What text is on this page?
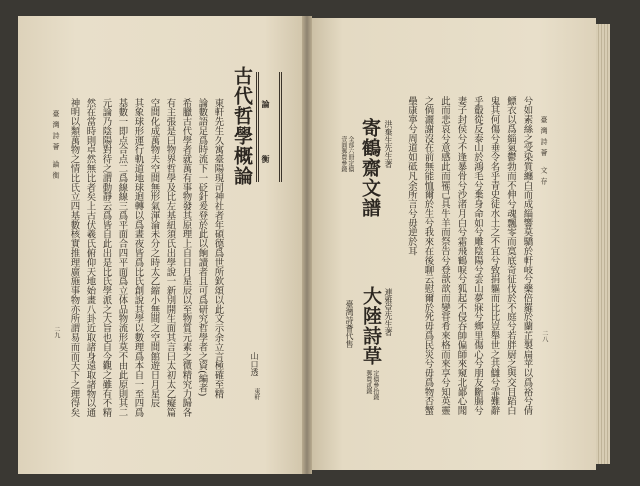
論 衡
古代哲學概論
山口透
東軒
東軒先生久寓臺陽現司神社者年碩德爲世所欽頌以此文示余立言極確至精
論數語足爲時流下一砭針爰登於此以餉讀者且可爲研究哲學者之資(編者)
希臘古代學者就萬有事物發其原理上自日月星辰以至物質元素之微精究力歸各
有主張是曰物界哲學及比左基紐須氏出學說一新別開生面其言曰太初太乙癡篇
空間化成萬物夫空間無形氣渾淪未分之時太乙縮小無間之空間館遊日月星辰
其象球形運行軌道地球迴轉以爲晝夜皆爲比氏創說其學以數理爲本自一至四爲
基數一即点合点二爲線線三爲平面合四平面爲立体品物流形莫不由此原則其二
元論乃陰陽對待之謂動靜云爲皆自此出是比氏學派之大旨也自今觀之雖有不精
然在當時則卓然無比者矣上古伏羲氏俯仰天地始畫八卦近取諸身遠取諸物以通
神明以類萬物之情比氏立四基數核實推理廣施事物亦所謂易而而天下之理得矣
臺灣詩薈 論衡
二九
臺灣詩薈 文存
二八
兮如素絲之受染質纏白而成緇響莫驕於軒岐兮藥倍羅於蘭芷製扁苹以爲裕兮倩
鰾衣以爲緇氣鬱勃而不伸兮魂飄零而寞底奇征伐於不庭兮若胖厨之與交目蹈白
鬼其何傷兮垂令名乎青史徒水土之不宜兮致捐軀而比比豈舉世之共讎兮霏難辭
乎鷇從反泰山於鴻毛兮棄身命如兮雕陰陽兮雲山夢寐兮鄉里傷心兮朋友斷腸兮
妻子封侯兮不逢暴骨兮沙渚月白兮霜飛鶴唳兮狐起不侵吞帥偏師來窺北鄙心聞
此而悲哀兮意感此而罹己具牛羊而祭告兮登歆歆而變甞肴來格而來享兮知英靈
之倘灑謝沒在前無能恤爾於生兮我來在後聊云慰爾於死毋爲民災兮毋爲物否蟹
壘康寧兮周道如砥凡余所言兮毋逆於耳
洪棄生先生著
寄鶴齋文譜
全部六冊定價
壹圓郵費參錢
連雅堂先生著
大陸詩草
定價參拾錢
郵費貳錢
臺灣詩薈代售
